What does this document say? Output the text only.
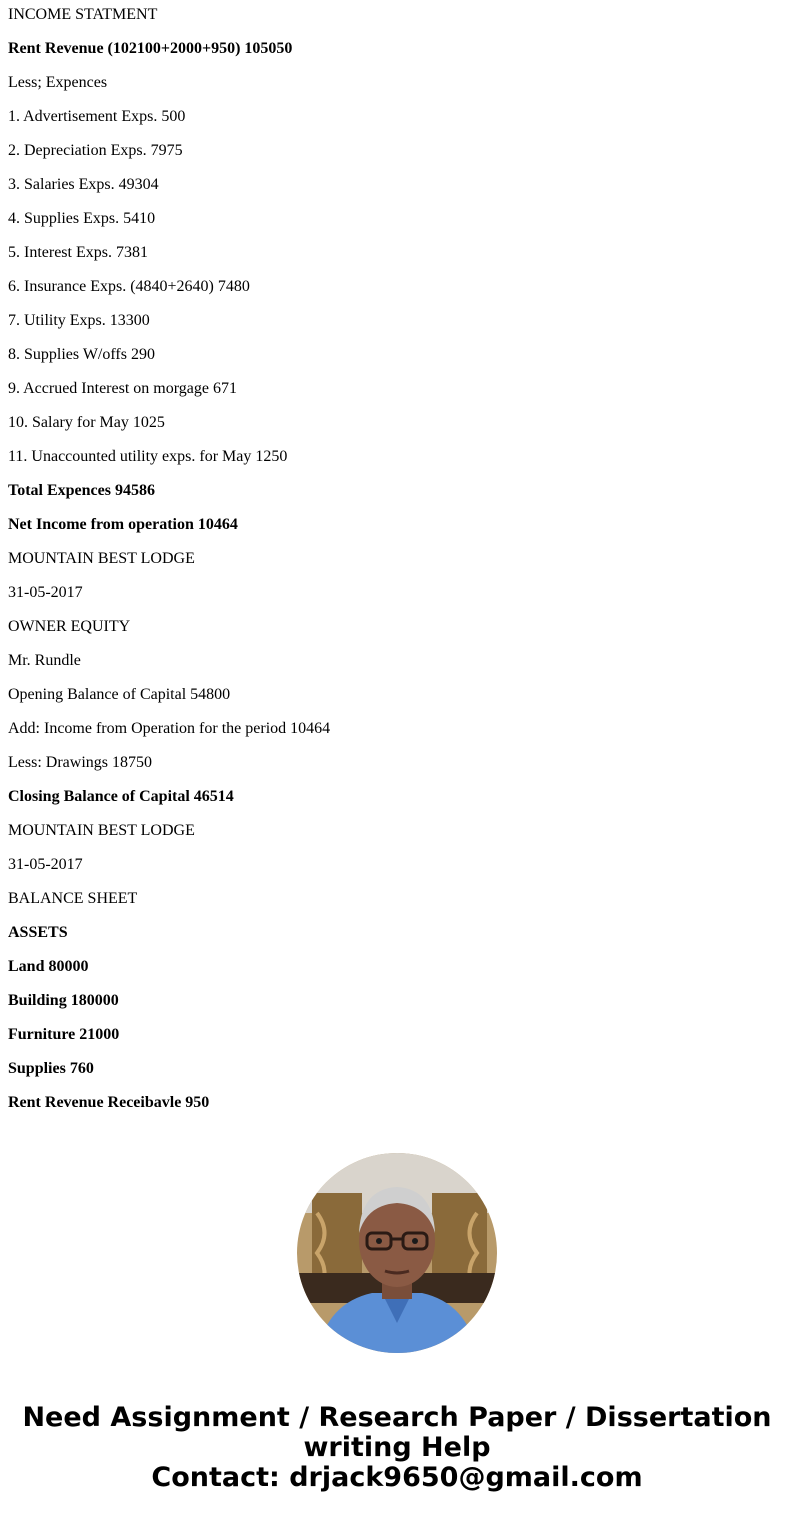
INCOME STATMENT
Rent Revenue (102100+2000+950) 105050
Less; Expences
1. Advertisement Exps. 500
2. Depreciation Exps. 7975
3. Salaries Exps. 49304
4. Supplies Exps. 5410
5. Interest Exps. 7381
6. Insurance Exps. (4840+2640) 7480
7. Utility Exps. 13300
8. Supplies W/offs 290
9. Accrued Interest on morgage 671
10. Salary for May 1025
11. Unaccounted utility exps. for May 1250
Total Expences 94586
Net Income from operation 10464
MOUNTAIN BEST LODGE
31-05-2017
OWNER EQUITY
Mr. Rundle
Opening Balance of Capital 54800
Add: Income from Operation for the period 10464
Less: Drawings 18750
Closing Balance of Capital 46514
MOUNTAIN BEST LODGE
31-05-2017
BALANCE SHEET
ASSETS
Land 80000
Building 180000
Furniture 21000
Supplies 760
Rent Revenue Receibavle 950
Need Assignment / Research Paper / Dissertation
writing Help
Contact: drjack9650@gmail.com
